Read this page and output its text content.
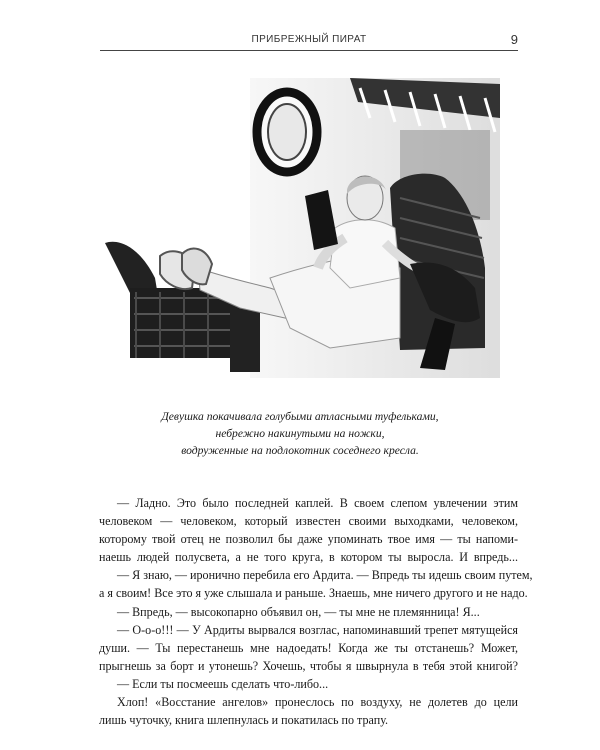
ПРИБРЕЖНЫЙ ПИРАТ	9
Девушка покачивала голубыми атласными туфельками,
небрежно накинутыми на ножки,
водруженные на подлокотник соседнего кресла.
— Ладно. Это было последней каплей. В своем слепом увлечении этим
человеком — человеком, который известен своими выходками, человеком,
которому твой отец не позволил бы даже упоминать твое имя — ты напоми-
наешь людей полусвета, а не того круга, в котором ты выросла. И впредь...
— Я знаю, — иронично перебила его Ардита. — Впредь ты идешь своим путем,
а я своим! Все это я уже слышала и раньше. Знаешь, мне ничего другого и не надо.
— Впредь, — высокопарно объявил он, — ты мне не племянница! Я...
— О-о-о!!! — У Ардиты вырвался возглас, напоминавший трепет мятущейся
души. — Ты перестанешь мне надоедать! Когда же ты отстанешь? Может,
прыгнешь за борт и утонешь? Хочешь, чтобы я швырнула в тебя этой книгой?
— Если ты посмеешь сделать что-либо...
Хлоп! «Восстание ангелов» пронеслось по воздуху, не долетев до цели
лишь чуточку, книга шлепнулась и покатилась по трапу.
